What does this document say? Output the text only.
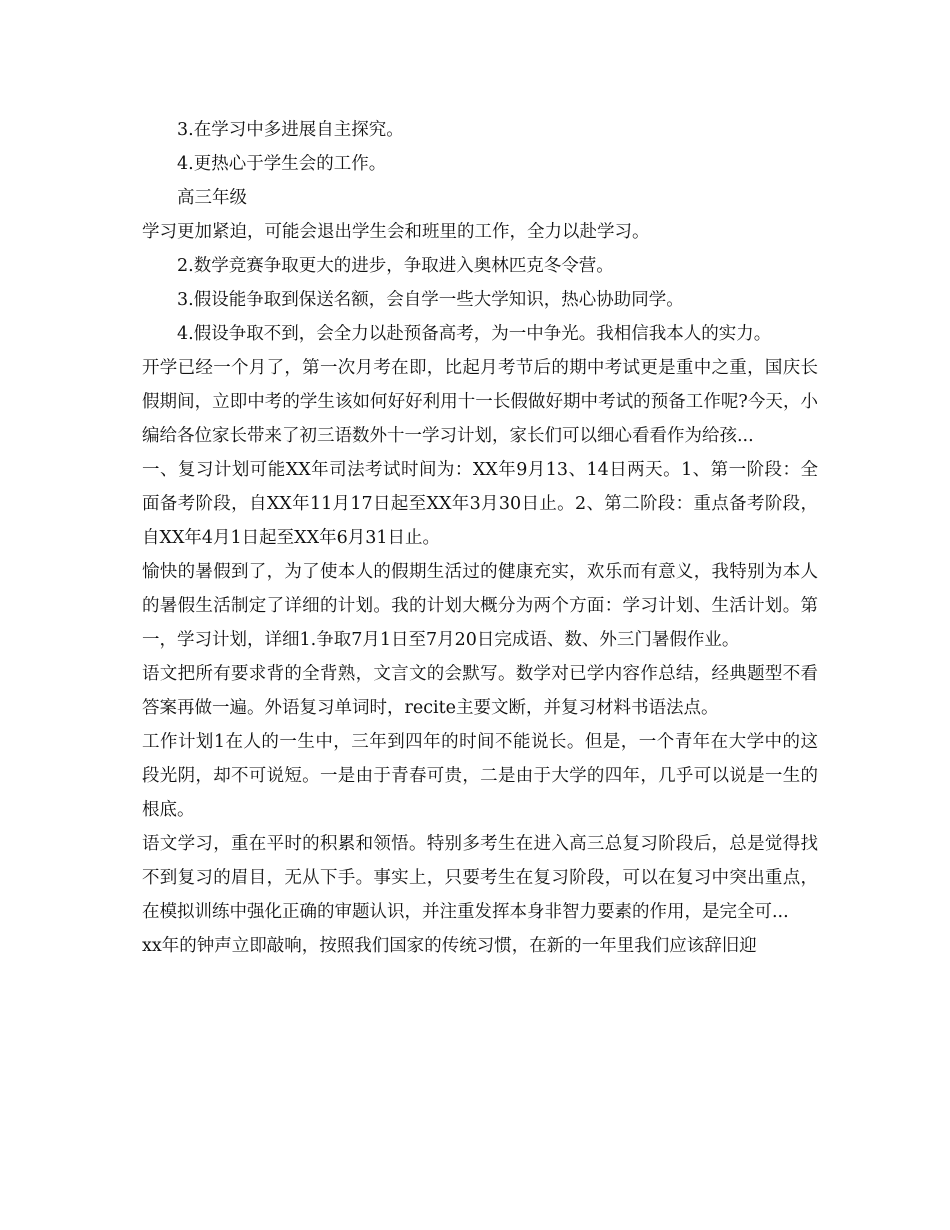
3.在学习中多进展自主探究。

4.更热心于学生会的工作。

高三年级

学习更加紧迫，可能会退出学生会和班里的工作，全力以赴学习。

2.数学竞赛争取更大的进步，争取进入奥林匹克冬令营。

3.假设能争取到保送名额，会自学一些大学知识，热心协助同学。

4.假设争取不到，会全力以赴预备高考，为一中争光。我相信我本人的实力。

开学已经一个月了，第一次月考在即，比起月考节后的期中考试更是重中之重，国庆长假期间，立即中考的学生该如何好好利用十一长假做好期中考试的预备工作呢?今天，小编给各位家长带来了初三语数外十一学习计划，家长们可以细心看看作为给孩...

一、复习计划可能XX年司法考试时间为：XX年9月13、14日两天。1、第一阶段：全面备考阶段，自XX年11月17日起至XX年3月30日止。2、第二阶段：重点备考阶段，自XX年4月1日起至XX年6月31日止。

愉快的暑假到了，为了使本人的假期生活过的健康充实，欢乐而有意义，我特别为本人的暑假生活制定了详细的计划。我的计划大概分为两个方面：学习计划、生活计划。第一，学习计划，详细1.争取7月1日至7月20日完成语、数、外三门暑假作业。

语文把所有要求背的全背熟，文言文的会默写。数学对已学内容作总结，经典题型不看答案再做一遍。外语复习单词时，recite主要文断，并复习材料书语法点。

工作计划1在人的一生中，三年到四年的时间不能说长。但是，一个青年在大学中的这段光阴，却不可说短。一是由于青春可贵，二是由于大学的四年，几乎可以说是一生的根底。

语文学习，重在平时的积累和领悟。特别多考生在进入高三总复习阶段后，总是觉得找不到复习的眉目，无从下手。事实上，只要考生在复习阶段，可以在复习中突出重点，在模拟训练中强化正确的审题认识，并注重发挥本身非智力要素的作用，是完全可...

xx年的钟声立即敲响，按照我们国家的传统习惯，在新的一年里我们应该辞旧迎
